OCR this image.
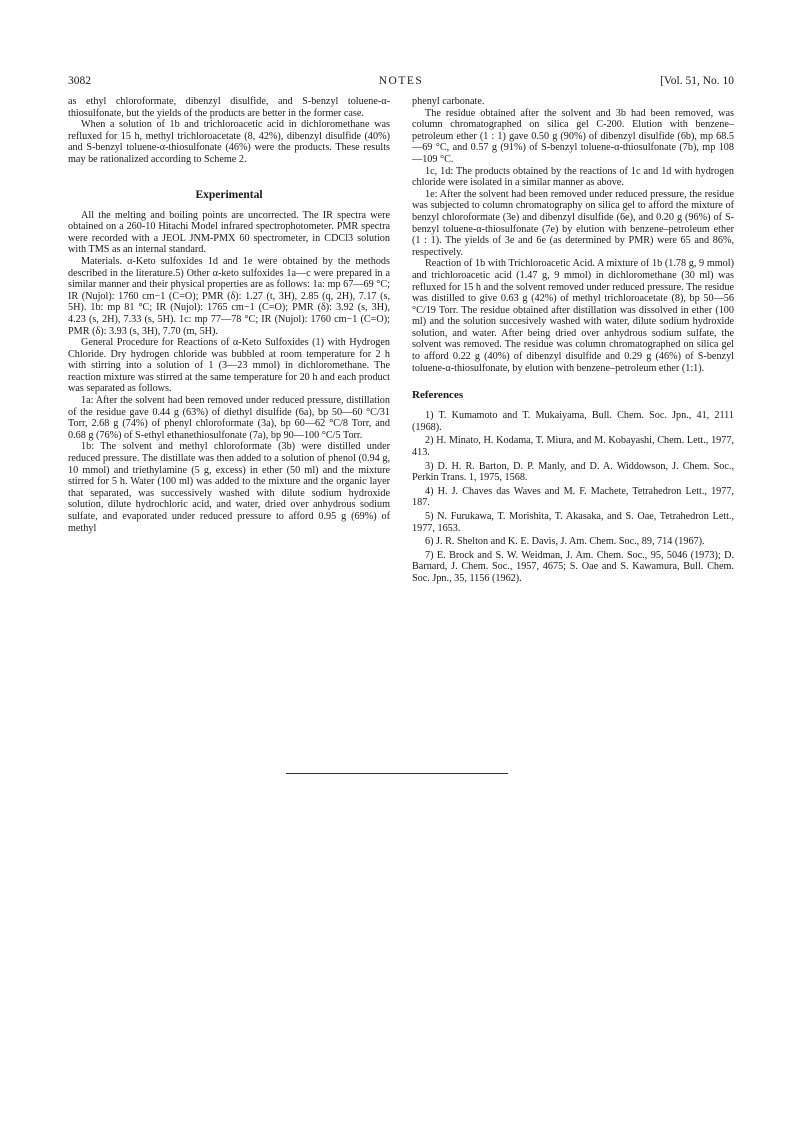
NOTES
3082	[Vol. 51, No. 10

as ethyl chloroformate, dibenzyl disulfide, and S-benzyl toluene-α-thiosulfonate, but the yields of the products are better in the former case.

When a solution of 1b and trichloroacetic acid in dichloromethane was refluxed for 15 h, methyl trichloroacetate (8, 42%), dibenzyl disulfide (40%) and S-benzyl toluene-α-thiosulfonate (46%) were the products. These results may be rationalized according to Scheme 2.

Experimental

All the melting and boiling points are uncorrected. The IR spectra were obtained on a 260-10 Hitachi Model infrared spectrophotometer. PMR spectra were recorded with a JEOL JNM-PMX 60 spectrometer, in CDCl3 solution with TMS as an internal standard.

Materials. α-Keto sulfoxides 1d and 1e were obtained by the methods described in the literature.5) Other α-keto sulfoxides 1a—c were prepared in a similar manner and their physical properties are as follows: 1a: mp 67—69 °C; IR (Nujol): 1760 cm−1 (C=O); PMR (δ): 1.27 (t, 3H), 2.85 (q, 2H), 7.17 (s, 5H). 1b: mp 81 °C; IR (Nujol): 1765 cm−1 (C=O); PMR (δ): 3.92 (s, 3H), 4.23 (s, 2H), 7.33 (s, 5H). 1c: mp 77—78 °C; IR (Nujol): 1760 cm−1 (C=O); PMR (δ): 3.93 (s, 3H), 7.70 (m, 5H).

General Procedure for Reactions of α-Keto Sulfoxides (1) with Hydrogen Chloride. Dry hydrogen chloride was bubbled at room temperature for 2 h with stirring into a solution of 1 (3—23 mmol) in dichloromethane. The reaction mixture was stirred at the same temperature for 20 h and each product was separated as follows.

1a: After the solvent had been removed under reduced pressure, distillation of the residue gave 0.44 g (63%) of diethyl disulfide (6a), bp 50—60 °C/31 Torr, 2.68 g (74%) of phenyl chloroformate (3a), bp 60—62 °C/8 Torr, and 0.68 g (76%) of S-ethyl ethanethiosulfonate (7a), bp 90—100 °C/5 Torr.

1b: The solvent and methyl chloroformate (3b) were distilled under reduced pressure. The distillate was then added to a solution of phenol (0.94 g, 10 mmol) and triethylamine (5 g, excess) in ether (50 ml) and the mixture stirred for 5 h. Water (100 ml) was added to the mixture and the organic layer that separated, was successively washed with dilute sodium hydroxide solution, dilute hydrochloric acid, and water, dried over anhydrous sodium sulfate, and evaporated under reduced pressure to afford 0.95 g (69%) of methyl

phenyl carbonate.

The residue obtained after the solvent and 3b had been removed, was column chromatographed on silica gel C-200. Elution with benzene–petroleum ether (1 : 1) gave 0.50 g (90%) of dibenzyl disulfide (6b), mp 68.5—69 °C, and 0.57 g (91%) of S-benzyl toluene-α-thiosulfonate (7b), mp 108—109 °C.

1c, 1d: The products obtained by the reactions of 1c and 1d with hydrogen chloride were isolated in a similar manner as above.

1e: After the solvent had been removed under reduced pressure, the residue was subjected to column chromatography on silica gel to afford the mixture of benzyl chloroformate (3e) and dibenzyl disulfide (6e), and 0.20 g (96%) of S-benzyl toluene-α-thiosulfonate (7e) by elution with benzene–petroleum ether (1 : 1). The yields of 3e and 6e (as determined by PMR) were 65 and 86%, respectively.

Reaction of 1b with Trichloroacetic Acid. A mixture of 1b (1.78 g, 9 mmol) and trichloroacetic acid (1.47 g, 9 mmol) in dichloromethane (30 ml) was refluxed for 15 h and the solvent removed under reduced pressure. The residue was distilled to give 0.63 g (42%) of methyl trichloroacetate (8), bp 50—56 °C/19 Torr. The residue obtained after distillation was dissolved in ether (100 ml) and the solution succesively washed with water, dilute sodium hydroxide solution, and water. After being dried over anhydrous sodium sulfate, the solvent was removed. The residue was column chromatographed on silica gel to afford 0.22 g (40%) of dibenzyl disulfide and 0.29 g (46%) of S-benzyl toluene-α-thiosulfonate, by elution with benzene–petroleum ether (1:1).

References

1) T. Kumamoto and T. Mukaiyama, Bull. Chem. Soc. Jpn., 41, 2111 (1968).

2) H. Minato, H. Kodama, T. Miura, and M. Kobayashi, Chem. Lett., 1977, 413.

3) D. H. R. Barton, D. P. Manly, and D. A. Widdowson, J. Chem. Soc., Perkin Trans. 1, 1975, 1568.

4) H. J. Chaves das Waves and M. F. Machete, Tetrahedron Lett., 1977, 187.

5) N. Furukawa, T. Morishita, T. Akasaka, and S. Oae, Tetrahedron Lett., 1977, 1653.

6) J. R. Shelton and K. E. Davis, J. Am. Chem. Soc., 89, 714 (1967).

7) E. Brock and S. W. Weidman, J. Am. Chem. Soc., 95, 5046 (1973); D. Barnard, J. Chem. Soc., 1957, 4675; S. Oae and S. Kawamura, Bull. Chem. Soc. Jpn., 35, 1156 (1962).
